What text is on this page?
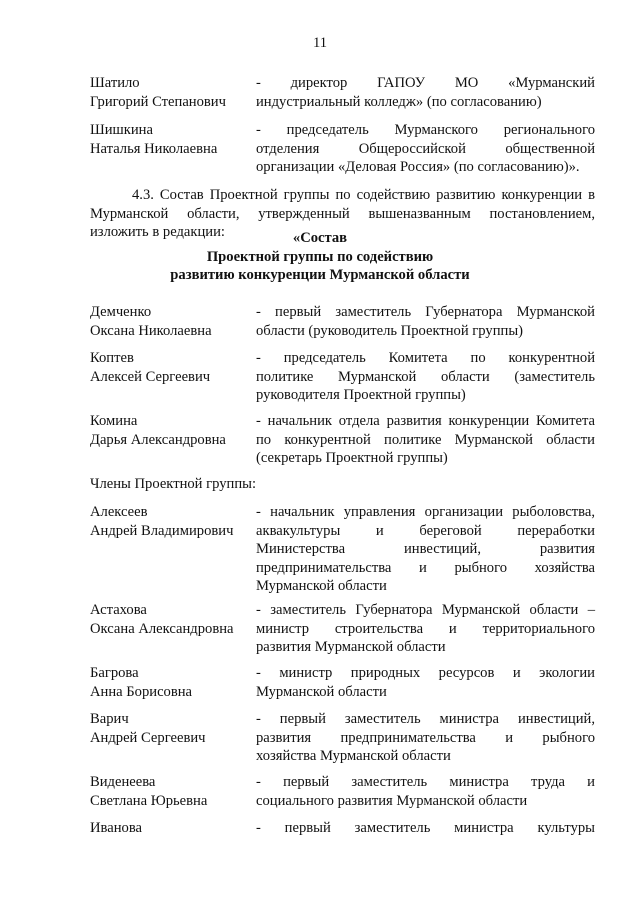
11
Шатило
Григорий Степанович
- директор ГАПОУ МО «Мурманский
индустриальный колледж» (по согласованию)
Шишкина
Наталья Николаевна
- председатель Мурманского регионального
отделения Общероссийской общественной
организации «Деловая Россия» (по согласованию)».
4.3. Состав Проектной группы по содействию развитию конкуренции в
Мурманской области, утвержденный вышеназванным постановлением,
изложить в редакции:	«Состав
Проектной группы по содействию
развитию конкуренции Мурманской области
Демченко
Оксана Николаевна
- первый заместитель Губернатора Мурманской
области (руководитель Проектной группы)
Коптев
Алексей Сергеевич
- председатель Комитета по конкурентной
политике Мурманской области (заместитель
руководителя Проектной группы)
Комина
Дарья Александровна
- начальник отдела развития конкуренции Комитета
по конкурентной политике Мурманской области
(секретарь Проектной группы)
Члены Проектной группы:
Алексеев
Андрей Владимирович
- начальник управления организации рыболовства,
аквакультуры и береговой переработки
Министерства инвестиций, развития
предпринимательства и рыбного хозяйства
Мурманской области
Астахова
Оксана Александровна
- заместитель Губернатора Мурманской области –
министр строительства и территориального
развития Мурманской области
Багрова
Анна Борисовна
- министр природных ресурсов и экологии
Мурманской области
Варич
Андрей Сергеевич
- первый заместитель министра инвестиций,
развития предпринимательства и рыбного
хозяйства Мурманской области
Виденеева
Светлана Юрьевна
- первый заместитель министра труда и
социального развития Мурманской области
Иванова	- первый заместитель министра культуры
